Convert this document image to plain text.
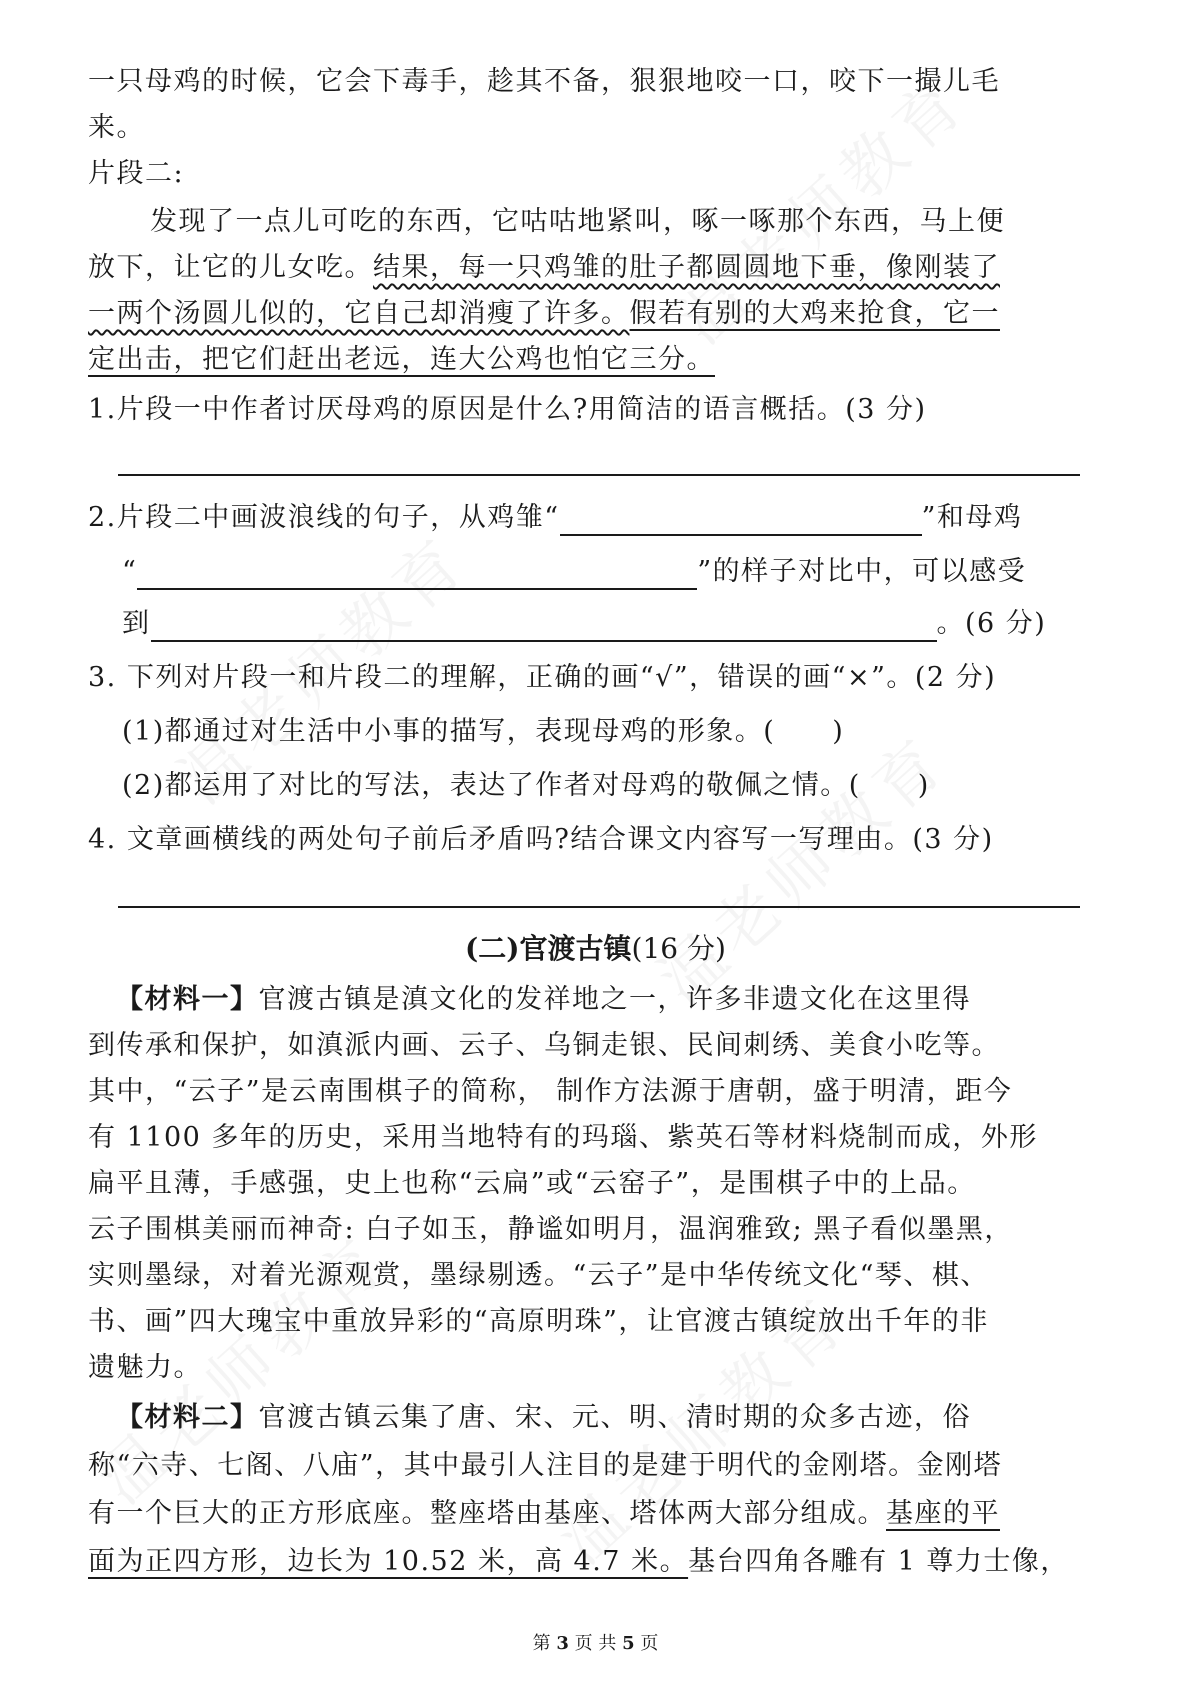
一只母鸡的时候，它会下毒手，趁其不备，狠狠地咬一口，咬下一撮儿毛
来。
片段二:
发现了一点儿可吃的东西，它咕咕地紧叫，啄一啄那个东西，马上便
放下，让它的儿女吃。结果，每一只鸡雏的肚子都圆圆地下垂，像刚装了
一两个汤圆儿似的，它自己却消瘦了许多。假若有别的大鸡来抢食，它一
定出击，把它们赶出老远，连大公鸡也怕它三分。
1.片段一中作者讨厌母鸡的原因是什么?用简洁的语言概括。(3 分)
2.片段二中画波浪线的句子，从鸡雏“	”和母鸡
“	”的样子对比中，可以感受
到	。(6 分)
3. 下列对片段一和片段二的理解，正确的画“√”，错误的画“×”。(2 分)
(1)都通过对生活中小事的描写，表现母鸡的形象。(　　)
(2)都运用了对比的写法，表达了作者对母鸡的敬佩之情。(　　)
4. 文章画横线的两处句子前后矛盾吗?结合课文内容写一写理由。(3 分)
(二)官渡古镇(16 分)
【材料一】官渡古镇是滇文化的发祥地之一，许多非遗文化在这里得
到传承和保护，如滇派内画、云子、乌铜走银、民间刺绣、美食小吃等。
其中，“云子”是云南围棋子的简称， 制作方法源于唐朝，盛于明清，距今
有 1100 多年的历史，采用当地特有的玛瑙、紫英石等材料烧制而成，外形
扁平且薄，手感强，史上也称“云扁”或“云窑子”，是围棋子中的上品。
云子围棋美丽而神奇: 白子如玉，静谧如明月，温润雅致; 黑子看似墨黑，
实则墨绿，对着光源观赏，墨绿剔透。“云子”是中华传统文化“琴、棋、
书、画”四大瑰宝中重放异彩的“高原明珠”，让官渡古镇绽放出千年的非
遗魅力。
【材料二】官渡古镇云集了唐、宋、元、明、清时期的众多古迹，俗
称“六寺、七阁、八庙”，其中最引人注目的是建于明代的金刚塔。金刚塔
有一个巨大的正方形底座。整座塔由基座、塔体两大部分组成。基座的平
面为正四方形，边长为 10.52 米，高 4.7 米。基台四角各雕有 1 尊力士像，
第 3 页 共 5 页
